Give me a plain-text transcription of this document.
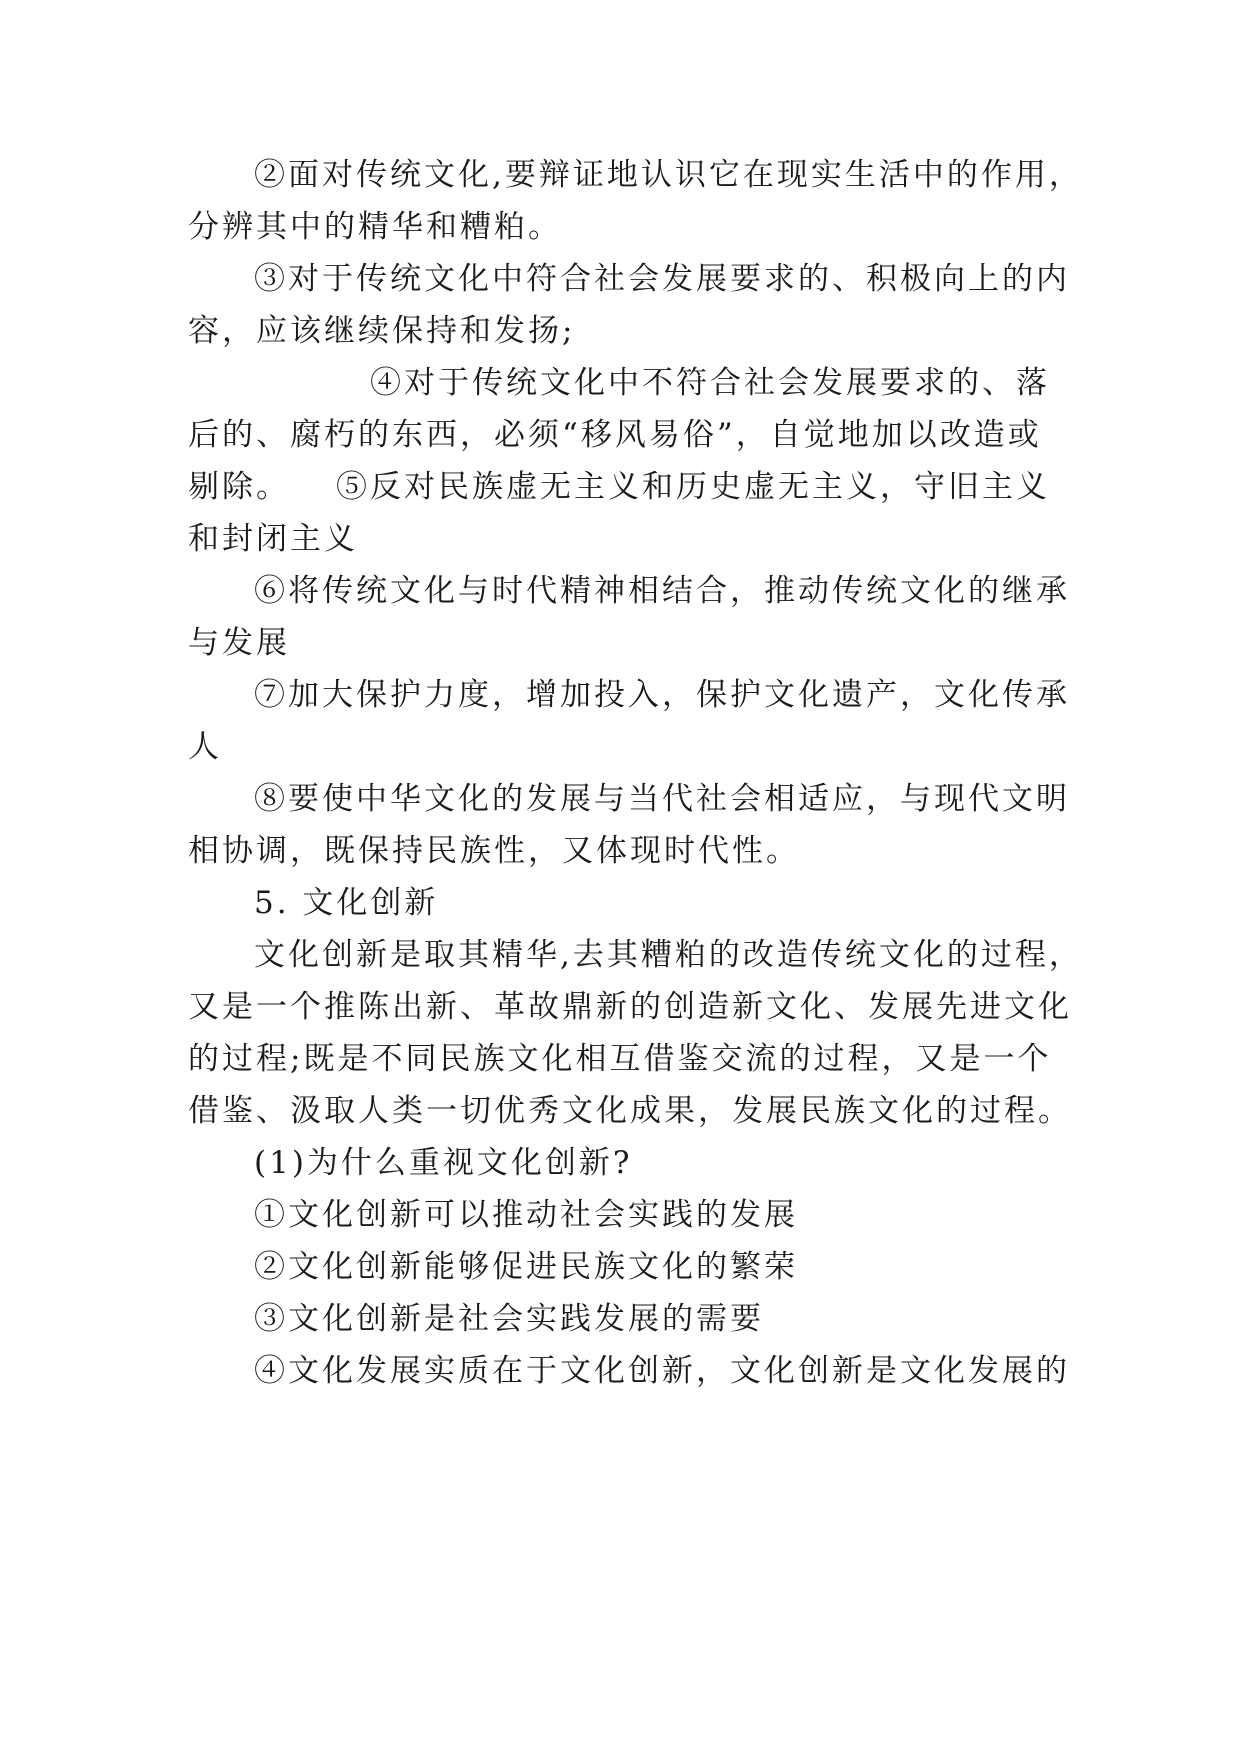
②面对传统文化,要辩证地认识它在现实生活中的作用，
分辨其中的精华和糟粕。
③对于传统文化中符合社会发展要求的、积极向上的内
容，应该继续保持和发扬;
④对于传统文化中不符合社会发展要求的、落
后的、腐朽的东西，必须“移风易俗”，自觉地加以改造或
剔除。 ⑤反对民族虚无主义和历史虚无主义，守旧主义
和封闭主义
⑥将传统文化与时代精神相结合，推动传统文化的继承
与发展
⑦加大保护力度，增加投入，保护文化遗产，文化传承
人
⑧要使中华文化的发展与当代社会相适应，与现代文明
相协调，既保持民族性，又体现时代性。
5. 文化创新
文化创新是取其精华,去其糟粕的改造传统文化的过程，
又是一个推陈出新、革故鼎新的创造新文化、发展先进文化
的过程;既是不同民族文化相互借鉴交流的过程，又是一个
借鉴、汲取人类一切优秀文化成果，发展民族文化的过程。
(1)为什么重视文化创新?
①文化创新可以推动社会实践的发展
②文化创新能够促进民族文化的繁荣
③文化创新是社会实践发展的需要
④文化发展实质在于文化创新，文化创新是文化发展的
